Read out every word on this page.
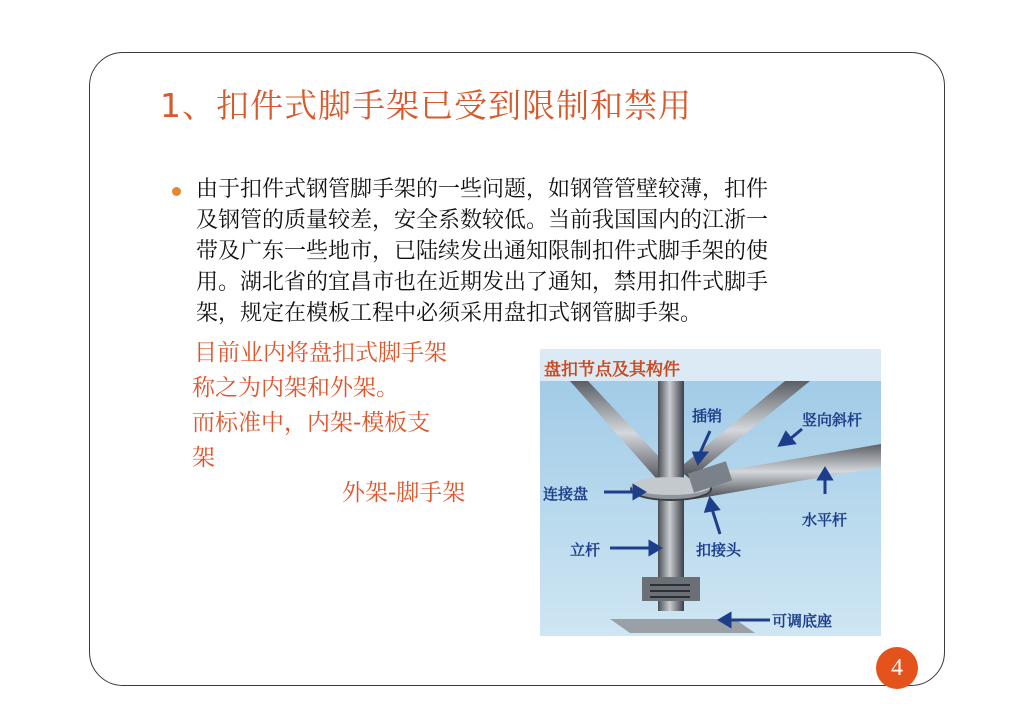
1、扣件式脚手架已受到限制和禁用
由于扣件式钢管脚手架的一些问题，如钢管管壁较薄，扣件
及钢管的质量较差，安全系数较低。当前我国国内的江浙一
带及广东一些地市，已陆续发出通知限制扣件式脚手架的使
用。湖北省的宜昌市也在近期发出了通知，禁用扣件式脚手
架，规定在模板工程中必须采用盘扣式钢管脚手架。
目前业内将盘扣式脚手架
称之为内架和外架。
而标准中，内架-模板支
架
外架-脚手架
盘扣节点及其构件
插销	竖向斜杆
连接盘
水平杆
立杆	扣接头
可调底座
4
